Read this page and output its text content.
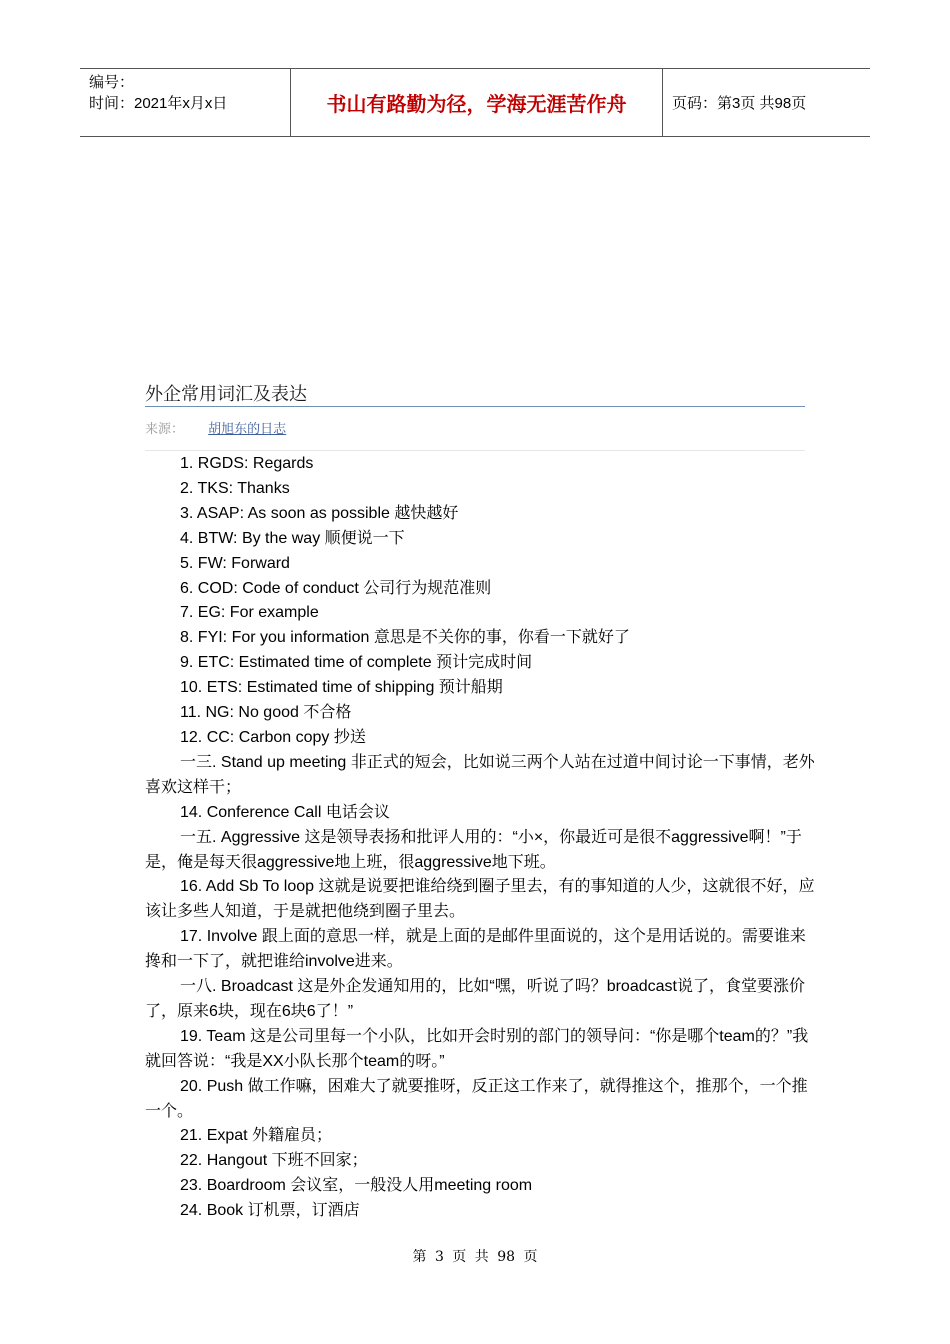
编号：
时间：2021年x月x日	书山有路勤为径，学海无涯苦作舟	页码：第3页 共98页
外企常用词汇及表达
来源： 胡旭东的日志

1. RGDS: Regards

2. TKS: Thanks

3. ASAP: As soon as possible 越快越好

4. BTW: By the way 顺便说一下

5. FW: Forward

6. COD: Code of conduct 公司行为规范准则

7. EG: For example

8. FYI: For you information 意思是不关你的事，你看一下就好了

9. ETC: Estimated time of complete 预计完成时间

10. ETS: Estimated time of shipping 预计船期

11. NG: No good 不合格

12. CC: Carbon copy 抄送

一三. Stand up meeting 非正式的短会，比如说三两个人站在过道中间讨论一下事情，老外喜欢这样干；

14. Conference Call 电话会议

一五. Aggressive 这是领导表扬和批评人用的：“小×，你最近可是很不aggressive啊！”于是，俺是每天很aggressive地上班，很aggressive地下班。

16. Add Sb To loop 这就是说要把谁给绕到圈子里去，有的事知道的人少，这就很不好，应该让多些人知道，于是就把他绕到圈子里去。

17. Involve 跟上面的意思一样，就是上面的是邮件里面说的，这个是用话说的。需要谁来搀和一下了，就把谁给involve进来。

一八. Broadcast 这是外企发通知用的，比如“嘿，听说了吗？broadcast说了，食堂要涨价了，原来6块，现在6块6了！”

19. Team 这是公司里每一个小队，比如开会时别的部门的领导问：“你是哪个team的？”我就回答说：“我是XX小队长那个team的呀。”

20. Push 做工作嘛，困难大了就要推呀，反正这工作来了，就得推这个，推那个，一个推一个。

21. Expat 外籍雇员；

22. Hangout 下班不回家；

23. Boardroom 会议室，一般没人用meeting room

24. Book 订机票，订酒店

第 3 页 共 98 页
